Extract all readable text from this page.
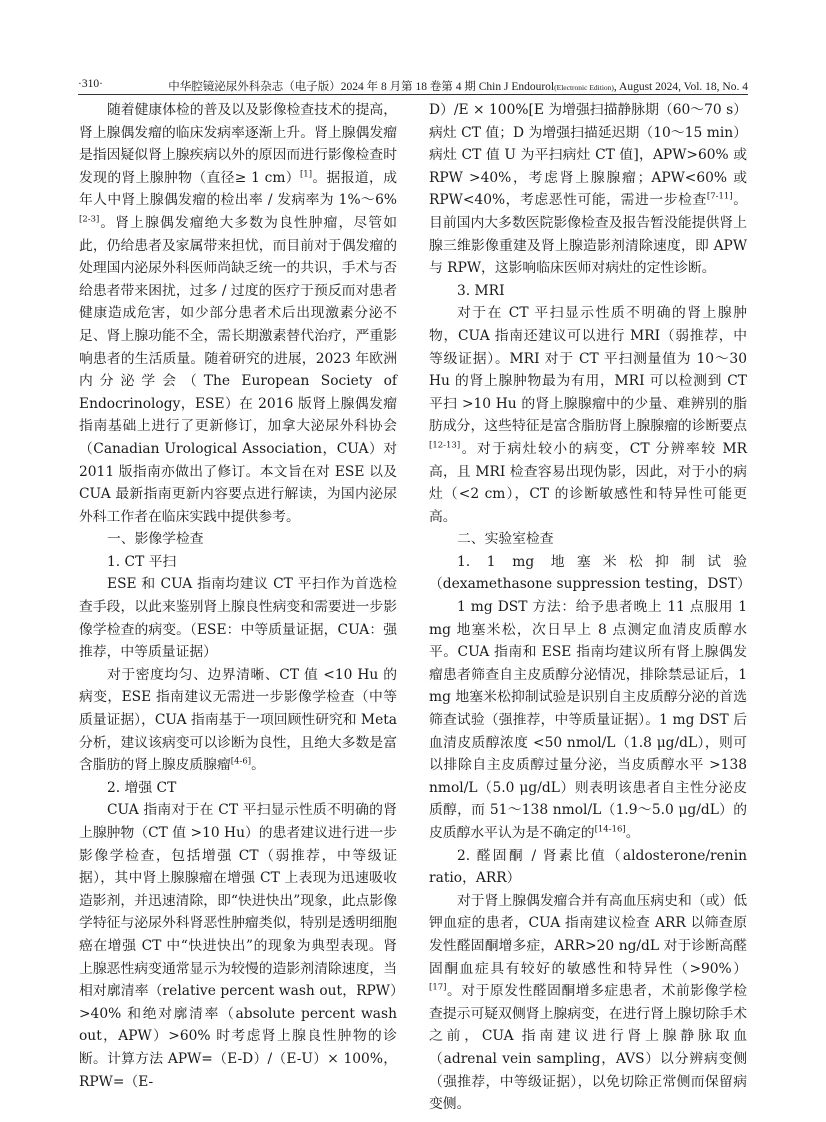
·310·	中华腔镜泌尿外科杂志（电子版）2024 年 8 月第 18 卷第 4 期 Chin J Endourol(Electronic Edition), August 2024, Vol. 18, No. 4

随着健康体检的普及以及影像检查技术的提高，肾上腺偶发瘤的临床发病率逐渐上升。肾上腺偶发瘤是指因疑似肾上腺疾病以外的原因而进行影像检查时发现的肾上腺肿物（直径≥ 1 cm）[1]。据报道，成年人中肾上腺偶发瘤的检出率 / 发病率为 1%～6%[2-3]。肾上腺偶发瘤绝大多数为良性肿瘤，尽管如此，仍给患者及家属带来担忧，而目前对于偶发瘤的处理国内泌尿外科医师尚缺乏统一的共识，手术与否给患者带来困扰，过多 / 过度的医疗于预反而对患者健康造成危害，如少部分患者术后出现激素分泌不足、肾上腺功能不全，需长期激素替代治疗，严重影响患者的生活质量。随着研究的进展，2023 年欧洲内分泌学会（The European Society of Endocrinology，ESE）在 2016 版肾上腺偶发瘤指南基础上进行了更新修订，加拿大泌尿外科协会（Canadian Urological Association，CUA）对 2011 版指南亦做出了修订。本文旨在对 ESE 以及 CUA 最新指南更新内容要点进行解读，为国内泌尿外科工作者在临床实践中提供参考。

一、影像学检查

1. CT 平扫

ESE 和 CUA 指南均建议 CT 平扫作为首选检查手段，以此来鉴别肾上腺良性病变和需要进一步影像学检查的病变。（ESE：中等质量证据，CUA：强推荐，中等质量证据）

对于密度均匀、边界清晰、CT 值 <10 Hu 的病变，ESE 指南建议无需进一步影像学检查（中等质量证据），CUA 指南基于一项回顾性研究和 Meta 分析，建议该病变可以诊断为良性，且绝大多数是富含脂肪的肾上腺皮质腺瘤[4-6]。

2. 增强 CT

CUA 指南对于在 CT 平扫显示性质不明确的肾上腺肿物（CT 值 >10 Hu）的患者建议进行进一步影像学检查，包括增强 CT（弱推荐，中等级证据），其中肾上腺腺瘤在增强 CT 上表现为迅速吸收造影剂，并迅速清除，即“快进快出”现象，此点影像学特征与泌尿外科肾恶性肿瘤类似，特别是透明细胞癌在增强 CT 中“快进快出”的现象为典型表现。肾上腺恶性病变通常显示为较慢的造影剂清除速度，当相对廓清率（relative percent wash out，RPW）>40% 和绝对廓清率（absolute percent wash out，APW）>60% 时考虑肾上腺良性肿物的诊断。计算方法 APW=（E-D）/（E-U）× 100%，RPW=（E-

D）/E × 100%[E 为增强扫描静脉期（60～70 s）病灶 CT 值；D 为增强扫描延迟期（10～15 min）病灶 CT 值 U 为平扫病灶 CT 值]，APW>60% 或 RPW >40%，考虑肾上腺腺瘤；APW<60% 或 RPW<40%，考虑恶性可能，需进一步检查[7-11]。目前国内大多数医院影像检查及报告暂没能提供肾上腺三维影像重建及肾上腺造影剂清除速度，即 APW 与 RPW，这影响临床医师对病灶的定性诊断。

3. MRI

对于在 CT 平扫显示性质不明确的肾上腺肿物，CUA 指南还建议可以进行 MRI（弱推荐，中等级证据）。MRI 对于 CT 平扫测量值为 10～30 Hu 的肾上腺肿物最为有用，MRI 可以检测到 CT 平扫 >10 Hu 的肾上腺腺瘤中的少量、难辨别的脂肪成分，这些特征是富含脂肪肾上腺腺瘤的诊断要点[12-13]。对于病灶较小的病变，CT 分辨率较 MR 高，且 MRI 检查容易出现伪影，因此，对于小的病灶（<2 cm），CT 的诊断敏感性和特异性可能更高。

二、实验室检查

1. 1 mg 地塞米松抑制试验（dexamethasone suppression testing，DST）

1 mg DST 方法：给予患者晚上 11 点服用 1 mg 地塞米松，次日早上 8 点测定血清皮质醇水平。CUA 指南和 ESE 指南均建议所有肾上腺偶发瘤患者筛查自主皮质醇分泌情况，排除禁忌证后，1 mg 地塞米松抑制试验是识别自主皮质醇分泌的首选筛查试验（强推荐，中等质量证据）。1 mg DST 后血清皮质醇浓度 <50 nmol/L（1.8 μg/dL），则可以排除自主皮质醇过量分泌，当皮质醇水平 >138 nmol/L（5.0 μg/dL）则表明该患者自主性分泌皮质醇，而 51～138 nmol/L（1.9～5.0 μg/dL）的皮质醇水平认为是不确定的[14-16]。

2. 醛固酮 / 肾素比值（aldosterone/renin ratio，ARR）

对于肾上腺偶发瘤合并有高血压病史和（或）低钾血症的患者，CUA 指南建议检查 ARR 以筛查原发性醛固酮增多症，ARR>20 ng/dL 对于诊断高醛固酮血症具有较好的敏感性和特异性（>90%）[17]。对于原发性醛固酮增多症患者，术前影像学检查提示可疑双侧肾上腺病变，在进行肾上腺切除手术之前，CUA 指南建议进行肾上腺静脉取血（adrenal vein sampling，AVS）以分辨病变侧（强推荐，中等级证据），以免切除正常侧而保留病变侧。
